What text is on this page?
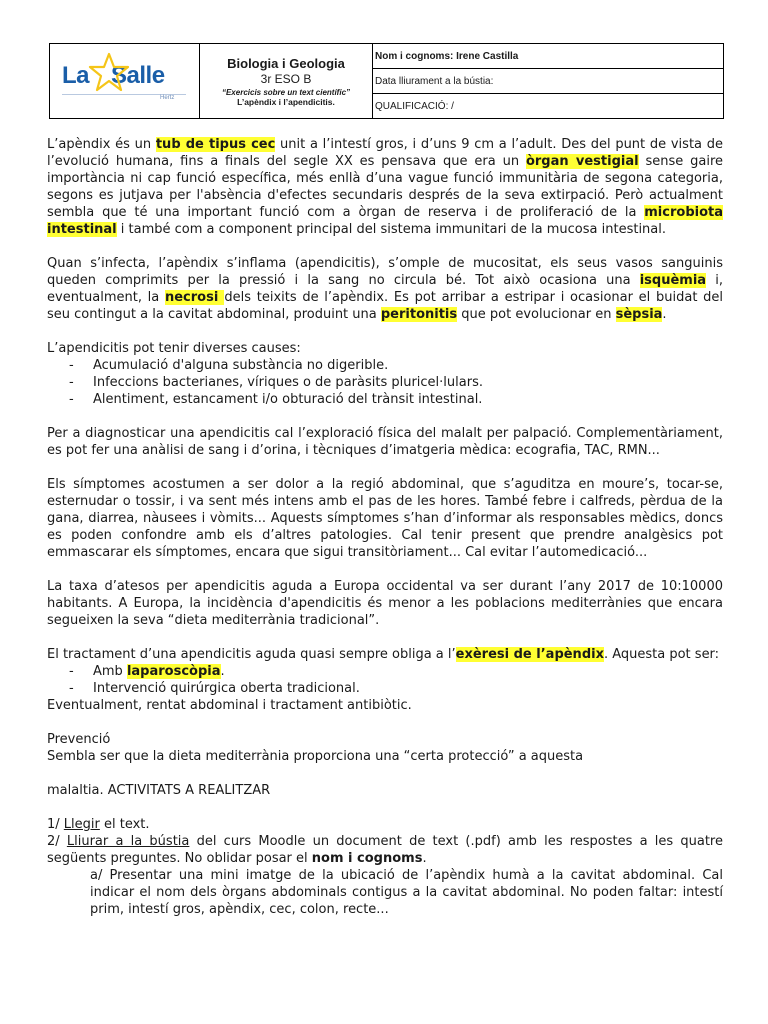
La Salle
Hertz
Biologia i Geologia
3r ESO B
“Exercicis sobre un text científic”
L’apèndix i l’apendicitis.
Nom i cognoms: Irene Castilla
Data lliurament a la bústia:
QUALIFICACIÓ: /

L’apèndix és un tub de tipus cec unit a l’intestí gros, i d’uns 9 cm a l’adult. Des del punt de vista de l’evolució humana, fins a finals del segle XX es pensava que era un òrgan vestigial sense gaire importància ni cap funció específica, més enllà d’una vague funció immunitària de segona categoria, segons es jutjava per l'absència d'efectes secundaris després de la seva extirpació. Però actualment sembla que té una important funció com a òrgan de reserva i de proliferació de la microbiota intestinal i també com a component principal del sistema immunitari de la mucosa intestinal.

Quan s’infecta, l’apèndix s’inflama (apendicitis), s’omple de mucositat, els seus vasos sanguinis queden comprimits per la pressió i la sang no circula bé. Tot això ocasiona una isquèmia i, eventualment, la necrosi dels teixits de l’apèndix. Es pot arribar a estripar i ocasionar el buidat del seu contingut a la cavitat abdominal, produint una peritonitis que pot evolucionar en sèpsia.

L’apendicitis pot tenir diverses causes:

- Acumulació d'alguna substància no digerible.
- Infeccions bacterianes, víriques o de paràsits pluricel·lulars.
- Alentiment, estancament i/o obturació del trànsit intestinal.

Per a diagnosticar una apendicitis cal l’exploració física del malalt per palpació. Complementàriament, es pot fer una anàlisi de sang i d’orina, i tècniques d’imatgeria mèdica: ecografia, TAC, RMN...

Els símptomes acostumen a ser dolor a la regió abdominal, que s’aguditza en moure’s, tocar-se, esternudar o tossir, i va sent més intens amb el pas de les hores. També febre i calfreds, pèrdua de la gana, diarrea, nàusees i vòmits... Aquests símptomes s’han d’informar als responsables mèdics, doncs es poden confondre amb els d’altres patologies. Cal tenir present que prendre analgèsics pot emmascarar els símptomes, encara que sigui transitòriament... Cal evitar l’automedicació...

La taxa d’atesos per apendicitis aguda a Europa occidental va ser durant l’any 2017 de 10:10000 habitants. A Europa, la incidència d'apendicitis és menor a les poblacions mediterrànies que encara segueixen la seva “dieta mediterrània tradicional”.

El tractament d’una apendicitis aguda quasi sempre obliga a l’exèresi de l’apèndix. Aquesta pot ser:

- Amb laparoscòpia.
- Intervenció quirúrgica oberta tradicional.

Eventualment, rentat abdominal i tractament antibiòtic.

Prevenció

Sembla ser que la dieta mediterrània proporciona una “certa protecció” a aquesta

malaltia. ACTIVITATS A REALITZAR

1/ Llegir el text.

2/ Lliurar a la bústia del curs Moodle un document de text (.pdf) amb les respostes a les quatre següents preguntes. No oblidar posar el nom i cognoms.

a/ Presentar una mini imatge de la ubicació de l’apèndix humà a la cavitat abdominal. Cal indicar el nom dels òrgans abdominals contigus a la cavitat abdominal. No poden faltar: intestí prim, intestí gros, apèndix, cec, colon, recte...
